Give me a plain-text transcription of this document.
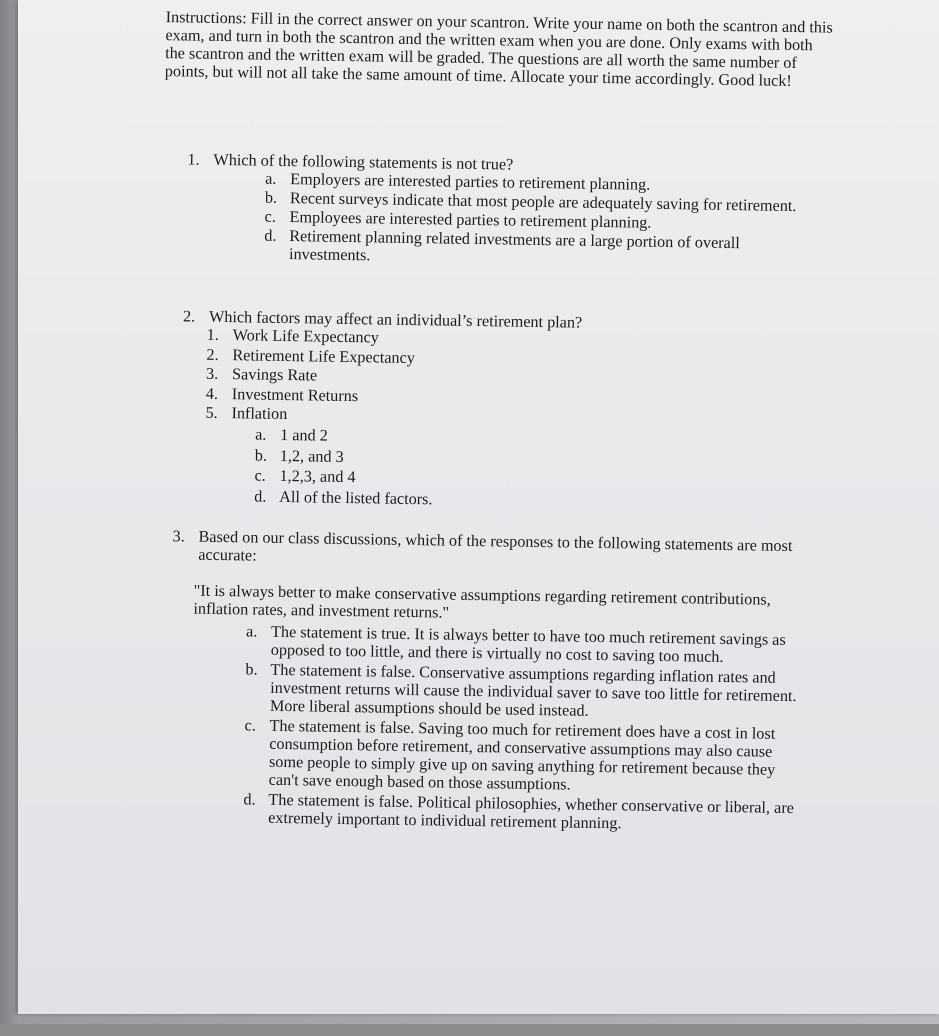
Instructions: Fill in the correct answer on your scantron. Write your name on both the scantron and this exam, and turn in both the scantron and the written exam when you are done. Only exams with both the scantron and the written exam will be graded. The questions are all worth the same number of points, but will not all take the same amount of time. Allocate your time accordingly. Good luck!

1. Which of the following statements is not true?
a. Employers are interested parties to retirement planning.
b. Recent surveys indicate that most people are adequately saving for retirement.
c. Employees are interested parties to retirement planning.
d. Retirement planning related investments are a large portion of overall investments.
2. Which factors may affect an individual’s retirement plan?
1. Work Life Expectancy
2. Retirement Life Expectancy
3. Savings Rate
4. Investment Returns
5. Inflation
a. 1 and 2
b. 1,2, and 3
c. 1,2,3, and 4
d. All of the listed factors.
3. Based on our class discussions, which of the responses to the following statements are most accurate:
"It is always better to make conservative assumptions regarding retirement contributions, inflation rates, and investment returns."
a. The statement is true. It is always better to have too much retirement savings as opposed to too little, and there is virtually no cost to saving too much.
b. The statement is false. Conservative assumptions regarding inflation rates and investment returns will cause the individual saver to save too little for retirement. More liberal assumptions should be used instead.
c. The statement is false. Saving too much for retirement does have a cost in lost consumption before retirement, and conservative assumptions may also cause some people to simply give up on saving anything for retirement because they can't save enough based on those assumptions.
d. The statement is false. Political philosophies, whether conservative or liberal, are extremely important to individual retirement planning.
